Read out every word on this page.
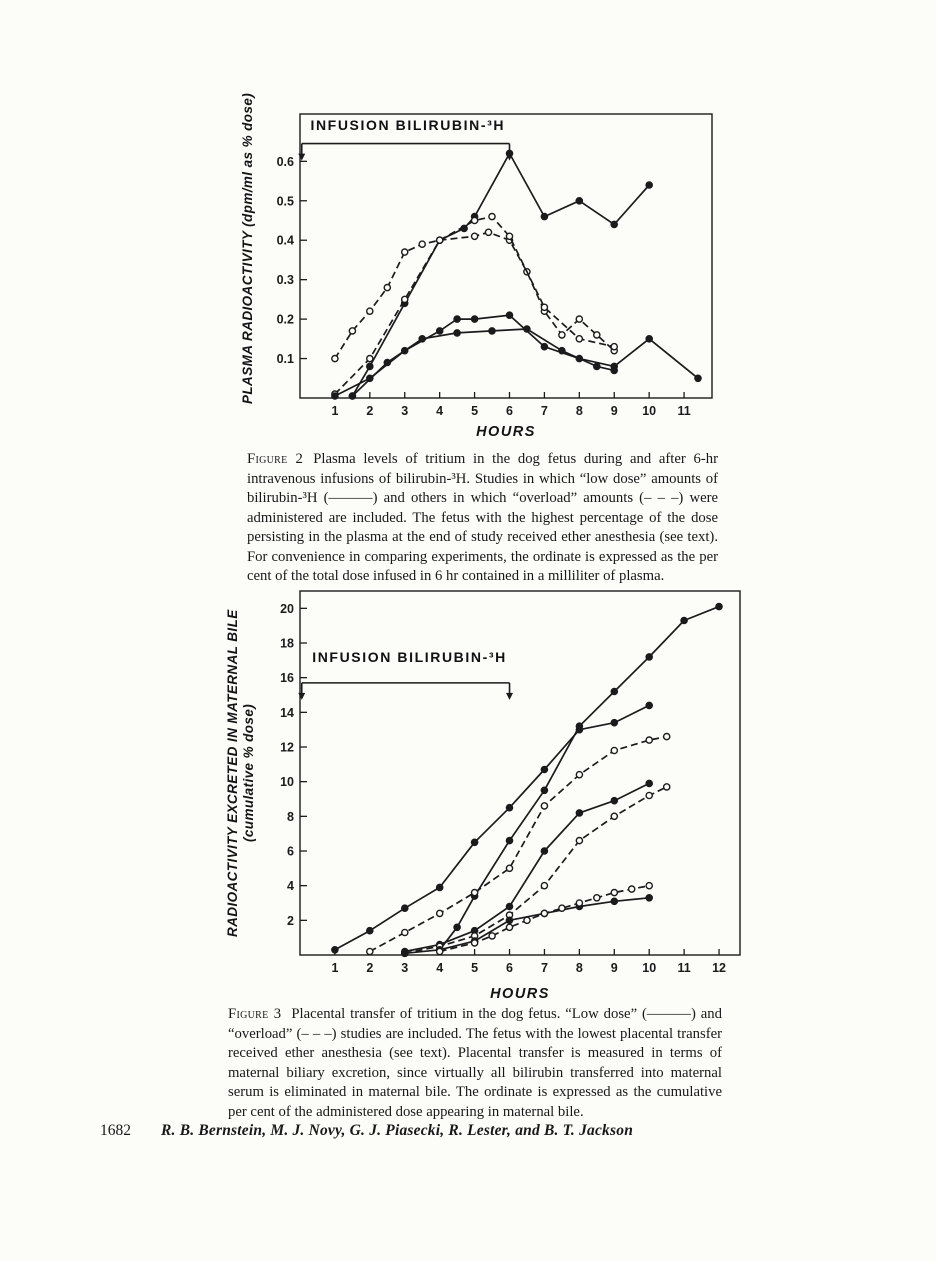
PLASMA RADIOACTIVITY (dpm/ml as % dose)
1 2 3 4 5 6 7 8 9 10 11
0.1
0.2
0.3
0.4
0.5
0.6
INFUSION BILIRUBIN-³H
HOURS

Figure 2 Plasma levels of tritium in the dog fetus during and after 6-hr intravenous infusions of bilirubin-³H. Studies in which “low dose” amounts of bilirubin-³H (———) and others in which “overload” amounts (– – –) were administered are included. The fetus with the highest percentage of the dose persisting in the plasma at the end of study received ether anesthesia (see text). For convenience in comparing experiments, the ordinate is expressed as the per cent of the total dose infused in 6 hr contained in a milliliter of plasma.

RADIOACTIVITY EXCRETED IN MATERNAL BILE (cumulative % dose)
1 2 3 4 5 6 7 8 9 10 11 12
2
4
6
8
10
12
14
16
18
20
INFUSION BILIRUBIN-³H
HOURS

Figure 3 Placental transfer of tritium in the dog fetus. “Low dose” (———) and “overload” (– – –) studies are included. The fetus with the lowest placental transfer received ether anesthesia (see text). Placental transfer is measured in terms of maternal biliary excretion, since virtually all bilirubin transferred into maternal serum is eliminated in maternal bile. The ordinate is expressed as the cumulative per cent of the administered dose appearing in maternal bile.

1682 R. B. Bernstein, M. J. Novy, G. J. Piasecki, R. Lester, and B. T. Jackson
